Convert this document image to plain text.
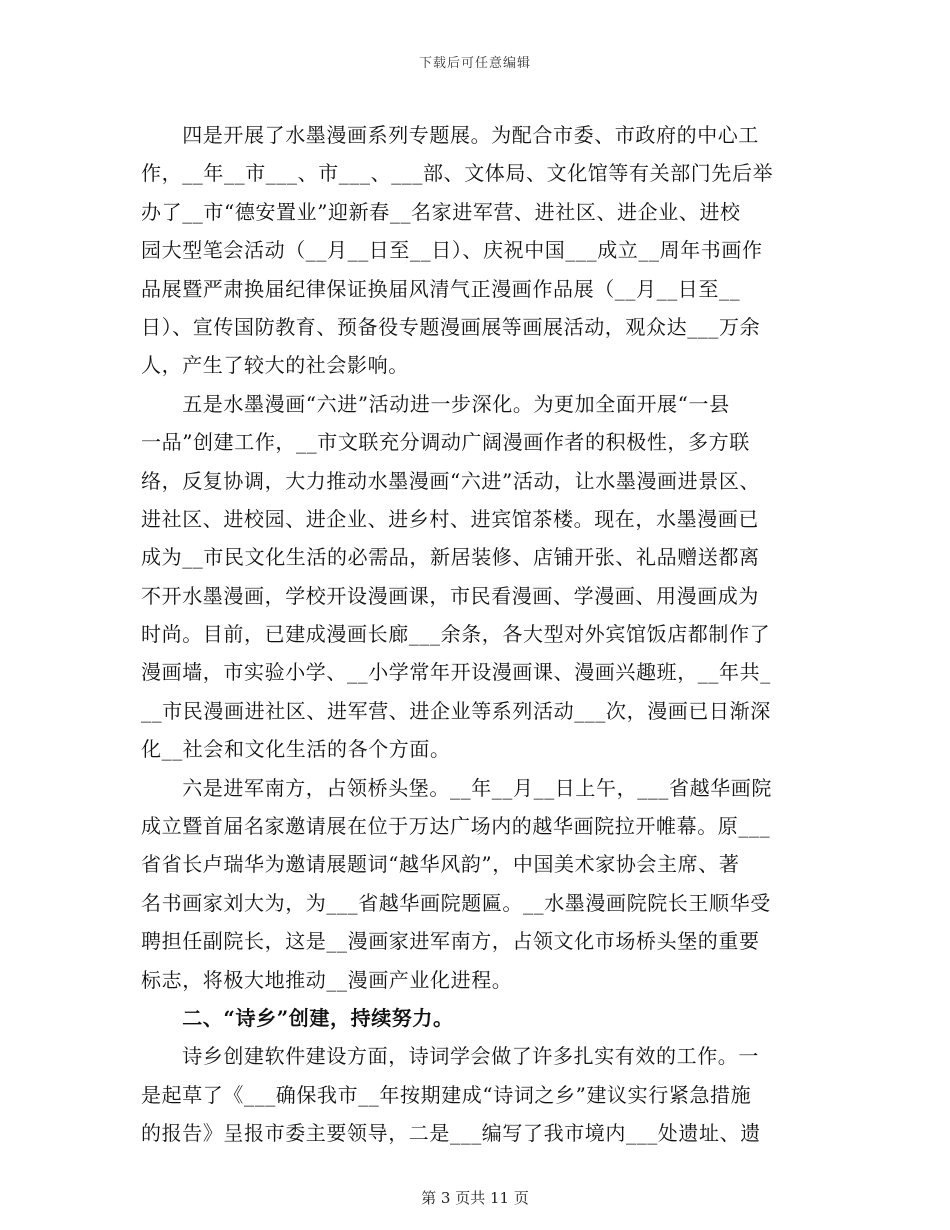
下载后可任意编辑
　　四是开展了水墨漫画系列专题展。为配合市委、市政府的中心工
作，__年__市___、市___、___部、文体局、文化馆等有关部门先后举
办了__市“德安置业”迎新春__名家进军营、进社区、进企业、进校
园大型笔会活动（__月__日至__日）、庆祝中国___成立__周年书画作
品展暨严肃换届纪律保证换届风清气正漫画作品展（__月__日至__
日）、宣传国防教育、预备役专题漫画展等画展活动，观众达___万余
人，产生了较大的社会影响。
　　五是水墨漫画“六进”活动进一步深化。为更加全面开展“一县
一品”创建工作，__市文联充分调动广阔漫画作者的积极性，多方联
络，反复协调，大力推动水墨漫画“六进”活动，让水墨漫画进景区、
进社区、进校园、进企业、进乡村、进宾馆茶楼。现在，水墨漫画已
成为__市民文化生活的必需品，新居装修、店铺开张、礼品赠送都离
不开水墨漫画，学校开设漫画课，市民看漫画、学漫画、用漫画成为
时尚。目前，已建成漫画长廊___余条，各大型对外宾馆饭店都制作了
漫画墙，市实验小学、__小学常年开设漫画课、漫画兴趣班，__年共_
__市民漫画进社区、进军营、进企业等系列活动___次，漫画已日渐深
化__社会和文化生活的各个方面。
　　六是进军南方，占领桥头堡。__年__月__日上午，___省越华画院
成立暨首届名家邀请展在位于万达广场内的越华画院拉开帷幕。原___
省省长卢瑞华为邀请展题词“越华风韵”，中国美术家协会主席、著
名书画家刘大为，为___省越华画院题匾。__水墨漫画院院长王顺华受
聘担任副院长，这是__漫画家进军南方，占领文化市场桥头堡的重要
标志，将极大地推动__漫画产业化进程。
　　二、“诗乡”创建，持续努力。
　　诗乡创建软件建设方面，诗词学会做了许多扎实有效的工作。一
是起草了《___确保我市__年按期建成“诗词之乡”建议实行紧急措施
的报告》呈报市委主要领导，二是___编写了我市境内___处遗址、遗
第 3 页共 11 页
